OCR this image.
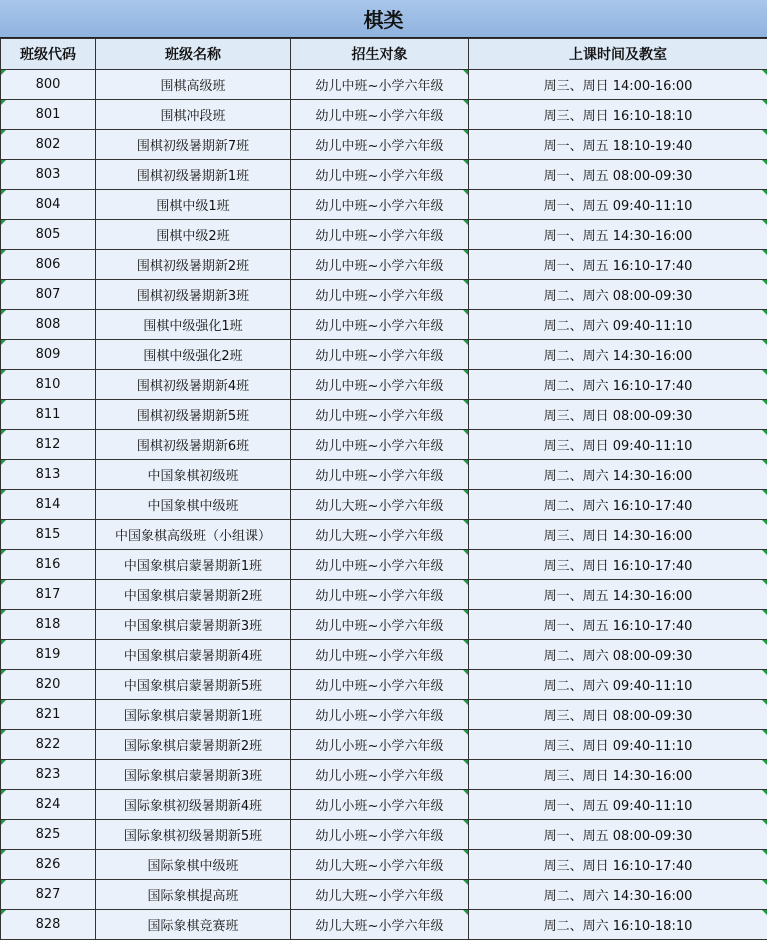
棋类
班级代码	班级名称	招生对象	上课时间及教室
800	围棋高级班	幼儿中班~小学六年级	周三、周日 14:00-16:00
801	围棋冲段班	幼儿中班~小学六年级	周三、周日 16:10-18:10
802	围棋初级暑期新7班	幼儿中班~小学六年级	周一、周五 18:10-19:40
803	围棋初级暑期新1班	幼儿中班~小学六年级	周一、周五 08:00-09:30
804	围棋中级1班	幼儿中班~小学六年级	周一、周五 09:40-11:10
805	围棋中级2班	幼儿中班~小学六年级	周一、周五 14:30-16:00
806	围棋初级暑期新2班	幼儿中班~小学六年级	周一、周五 16:10-17:40
807	围棋初级暑期新3班	幼儿中班~小学六年级	周二、周六 08:00-09:30
808	围棋中级强化1班	幼儿中班~小学六年级	周二、周六 09:40-11:10
809	围棋中级强化2班	幼儿中班~小学六年级	周二、周六 14:30-16:00
810	围棋初级暑期新4班	幼儿中班~小学六年级	周二、周六 16:10-17:40
811	围棋初级暑期新5班	幼儿中班~小学六年级	周三、周日 08:00-09:30
812	围棋初级暑期新6班	幼儿中班~小学六年级	周三、周日 09:40-11:10
813	中国象棋初级班	幼儿中班~小学六年级	周二、周六 14:30-16:00
814	中国象棋中级班	幼儿大班~小学六年级	周二、周六 16:10-17:40
815	中国象棋高级班（小组课）	幼儿大班~小学六年级	周三、周日 14:30-16:00
816	中国象棋启蒙暑期新1班	幼儿中班~小学六年级	周三、周日 16:10-17:40
817	中国象棋启蒙暑期新2班	幼儿中班~小学六年级	周一、周五 14:30-16:00
818	中国象棋启蒙暑期新3班	幼儿中班~小学六年级	周一、周五 16:10-17:40
819	中国象棋启蒙暑期新4班	幼儿中班~小学六年级	周二、周六 08:00-09:30
820	中国象棋启蒙暑期新5班	幼儿中班~小学六年级	周二、周六 09:40-11:10
821	国际象棋启蒙暑期新1班	幼儿小班~小学六年级	周三、周日 08:00-09:30
822	国际象棋启蒙暑期新2班	幼儿小班~小学六年级	周三、周日 09:40-11:10
823	国际象棋启蒙暑期新3班	幼儿小班~小学六年级	周三、周日 14:30-16:00
824	国际象棋初级暑期新4班	幼儿小班~小学六年级	周一、周五 09:40-11:10
825	国际象棋初级暑期新5班	幼儿小班~小学六年级	周一、周五 08:00-09:30
826	国际象棋中级班	幼儿大班~小学六年级	周三、周日 16:10-17:40
827	国际象棋提高班	幼儿大班~小学六年级	周二、周六 14:30-16:00
828	国际象棋竞赛班	幼儿大班~小学六年级	周二、周六 16:10-18:10
